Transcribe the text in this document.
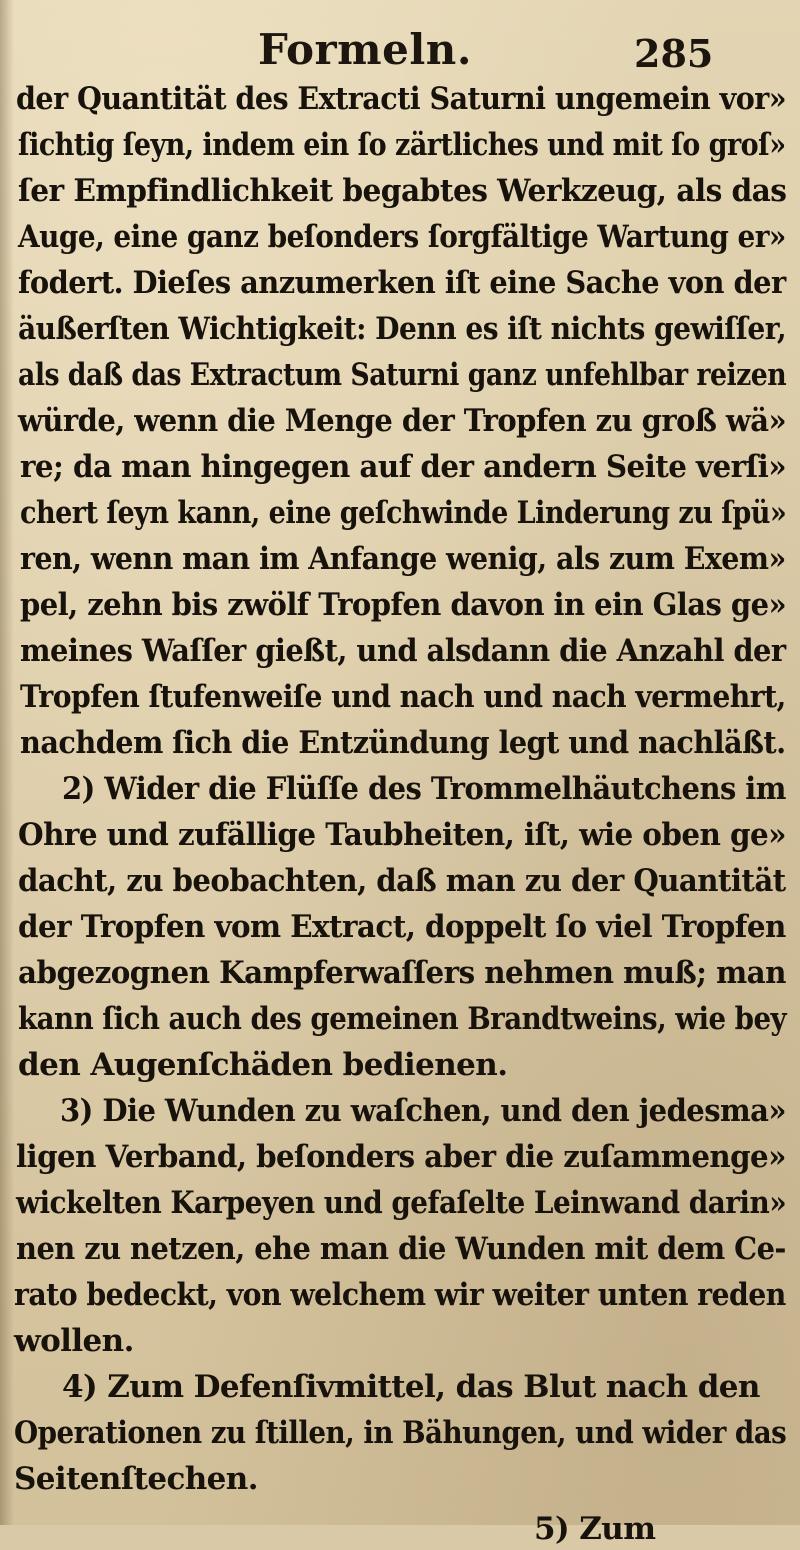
Formeln.	285
der Quantität des Extracti Saturni ungemein vor»
ſichtig ſeyn, indem ein ſo zärtliches und mit ſo groſ»
ſer Empfindlichkeit begabtes Werkzeug, als das
Auge, eine ganz beſonders ſorgfältige Wartung er»
fodert. Dieſes anzumerken iſt eine Sache von der
äußerſten Wichtigkeit: Denn es iſt nichts gewiſſer,
als daß das Extractum Saturni ganz unfehlbar reizen
würde, wenn die Menge der Tropfen zu groß wä»
re; da man hingegen auf der andern Seite verſi»
chert ſeyn kann, eine geſchwinde Linderung zu ſpü»
ren, wenn man im Anfange wenig, als zum Exem»
pel, zehn bis zwölf Tropfen davon in ein Glas ge»
meines Waſſer gießt, und alsdann die Anzahl der
Tropfen ſtufenweiſe und nach und nach vermehrt,
nachdem ſich die Entzündung legt und nachläßt.
2) Wider die Flüſſe des Trommelhäutchens im
Ohre und zufällige Taubheiten, iſt, wie oben ge»
dacht, zu beobachten, daß man zu der Quantität
der Tropfen vom Extract, doppelt ſo viel Tropfen
abgezognen Kampferwaſſers nehmen muß; man
kann ſich auch des gemeinen Brandtweins, wie bey
den Augenſchäden bedienen.
3) Die Wunden zu waſchen, und den jedesma»
ligen Verband, beſonders aber die zuſammenge»
wickelten Karpeyen und gefaſelte Leinwand darin»
nen zu netzen, ehe man die Wunden mit dem Ce-
rato bedeckt, von welchem wir weiter unten reden
wollen.
4) Zum Defenſivmittel, das Blut nach den
Operationen zu ſtillen, in Bähungen, und wider das
Seitenſtechen.
5) Zum
